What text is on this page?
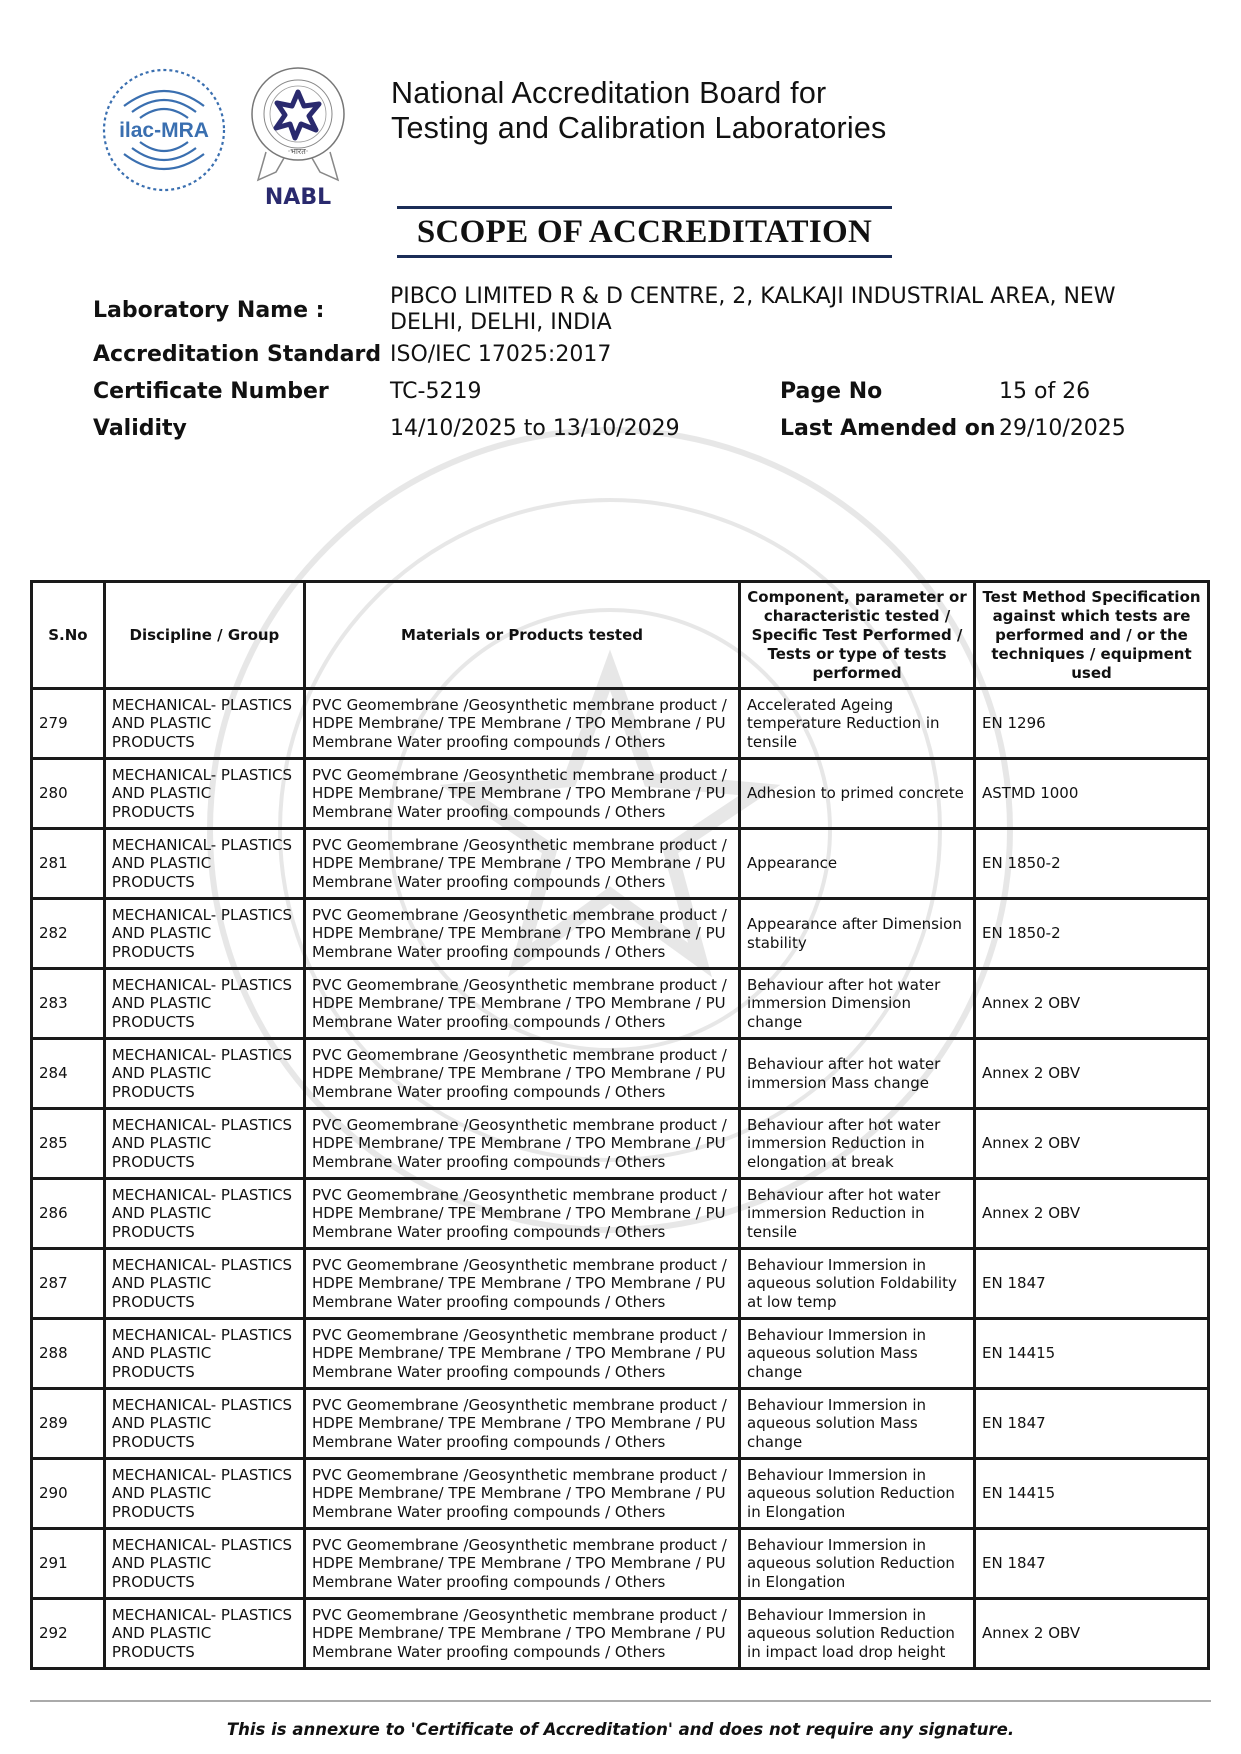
ilac-MRA
·भारत·
NABL
National Accreditation Board for
Testing and Calibration Laboratories
SCOPE OF ACCREDITATION
Laboratory Name :
PIBCO LIMITED R & D CENTRE, 2, KALKAJI INDUSTRIAL AREA, NEW DELHI, DELHI, INDIA
Accreditation Standard ISO/IEC 17025:2017
Certificate Number	TC-5219	Page No	15 of 26
Validity	14/10/2025 to 13/10/2029	Last Amended on 29/10/2025
S.No	Discipline / Group	Materials or Products tested	Component, parameter or characteristic tested / Specific Test Performed / Tests or type of tests performed	Test Method Specification against which tests are performed and / or the techniques / equipment used
279	MECHANICAL- PLASTICS AND PLASTIC PRODUCTS	PVC Geomembrane /Geosynthetic membrane product / HDPE Membrane/ TPE Membrane / TPO Membrane / PU Membrane Water proofing compounds / Others	Accelerated Ageing temperature Reduction in tensile	EN 1296
280	MECHANICAL- PLASTICS AND PLASTIC PRODUCTS	PVC Geomembrane /Geosynthetic membrane product / HDPE Membrane/ TPE Membrane / TPO Membrane / PU Membrane Water proofing compounds / Others	Adhesion to primed concrete	ASTMD 1000
281	MECHANICAL- PLASTICS AND PLASTIC PRODUCTS	PVC Geomembrane /Geosynthetic membrane product / HDPE Membrane/ TPE Membrane / TPO Membrane / PU Membrane Water proofing compounds / Others	Appearance	EN 1850-2
282	MECHANICAL- PLASTICS AND PLASTIC PRODUCTS	PVC Geomembrane /Geosynthetic membrane product / HDPE Membrane/ TPE Membrane / TPO Membrane / PU Membrane Water proofing compounds / Others	Appearance after Dimension stability	EN 1850-2
283	MECHANICAL- PLASTICS AND PLASTIC PRODUCTS	PVC Geomembrane /Geosynthetic membrane product / HDPE Membrane/ TPE Membrane / TPO Membrane / PU Membrane Water proofing compounds / Others	Behaviour after hot water immersion Dimension change	Annex 2 OBV
284	MECHANICAL- PLASTICS AND PLASTIC PRODUCTS	PVC Geomembrane /Geosynthetic membrane product / HDPE Membrane/ TPE Membrane / TPO Membrane / PU Membrane Water proofing compounds / Others	Behaviour after hot water immersion Mass change	Annex 2 OBV
285	MECHANICAL- PLASTICS AND PLASTIC PRODUCTS	PVC Geomembrane /Geosynthetic membrane product / HDPE Membrane/ TPE Membrane / TPO Membrane / PU Membrane Water proofing compounds / Others	Behaviour after hot water immersion Reduction in elongation at break	Annex 2 OBV
286	MECHANICAL- PLASTICS AND PLASTIC PRODUCTS	PVC Geomembrane /Geosynthetic membrane product / HDPE Membrane/ TPE Membrane / TPO Membrane / PU Membrane Water proofing compounds / Others	Behaviour after hot water immersion Reduction in tensile	Annex 2 OBV
287	MECHANICAL- PLASTICS AND PLASTIC PRODUCTS	PVC Geomembrane /Geosynthetic membrane product / HDPE Membrane/ TPE Membrane / TPO Membrane / PU Membrane Water proofing compounds / Others	Behaviour Immersion in aqueous solution Foldability at low temp	EN 1847
288	MECHANICAL- PLASTICS AND PLASTIC PRODUCTS	PVC Geomembrane /Geosynthetic membrane product / HDPE Membrane/ TPE Membrane / TPO Membrane / PU Membrane Water proofing compounds / Others	Behaviour Immersion in aqueous solution Mass change	EN 14415
289	MECHANICAL- PLASTICS AND PLASTIC PRODUCTS	PVC Geomembrane /Geosynthetic membrane product / HDPE Membrane/ TPE Membrane / TPO Membrane / PU Membrane Water proofing compounds / Others	Behaviour Immersion in aqueous solution Mass change	EN 1847
290	MECHANICAL- PLASTICS AND PLASTIC PRODUCTS	PVC Geomembrane /Geosynthetic membrane product / HDPE Membrane/ TPE Membrane / TPO Membrane / PU Membrane Water proofing compounds / Others	Behaviour Immersion in aqueous solution Reduction in Elongation	EN 14415
291	MECHANICAL- PLASTICS AND PLASTIC PRODUCTS	PVC Geomembrane /Geosynthetic membrane product / HDPE Membrane/ TPE Membrane / TPO Membrane / PU Membrane Water proofing compounds / Others	Behaviour Immersion in aqueous solution Reduction in Elongation	EN 1847
292	MECHANICAL- PLASTICS AND PLASTIC PRODUCTS	PVC Geomembrane /Geosynthetic membrane product / HDPE Membrane/ TPE Membrane / TPO Membrane / PU Membrane Water proofing compounds / Others	Behaviour Immersion in aqueous solution Reduction in impact load drop height	Annex 2 OBV
This is annexure to 'Certificate of Accreditation' and does not require any signature.
